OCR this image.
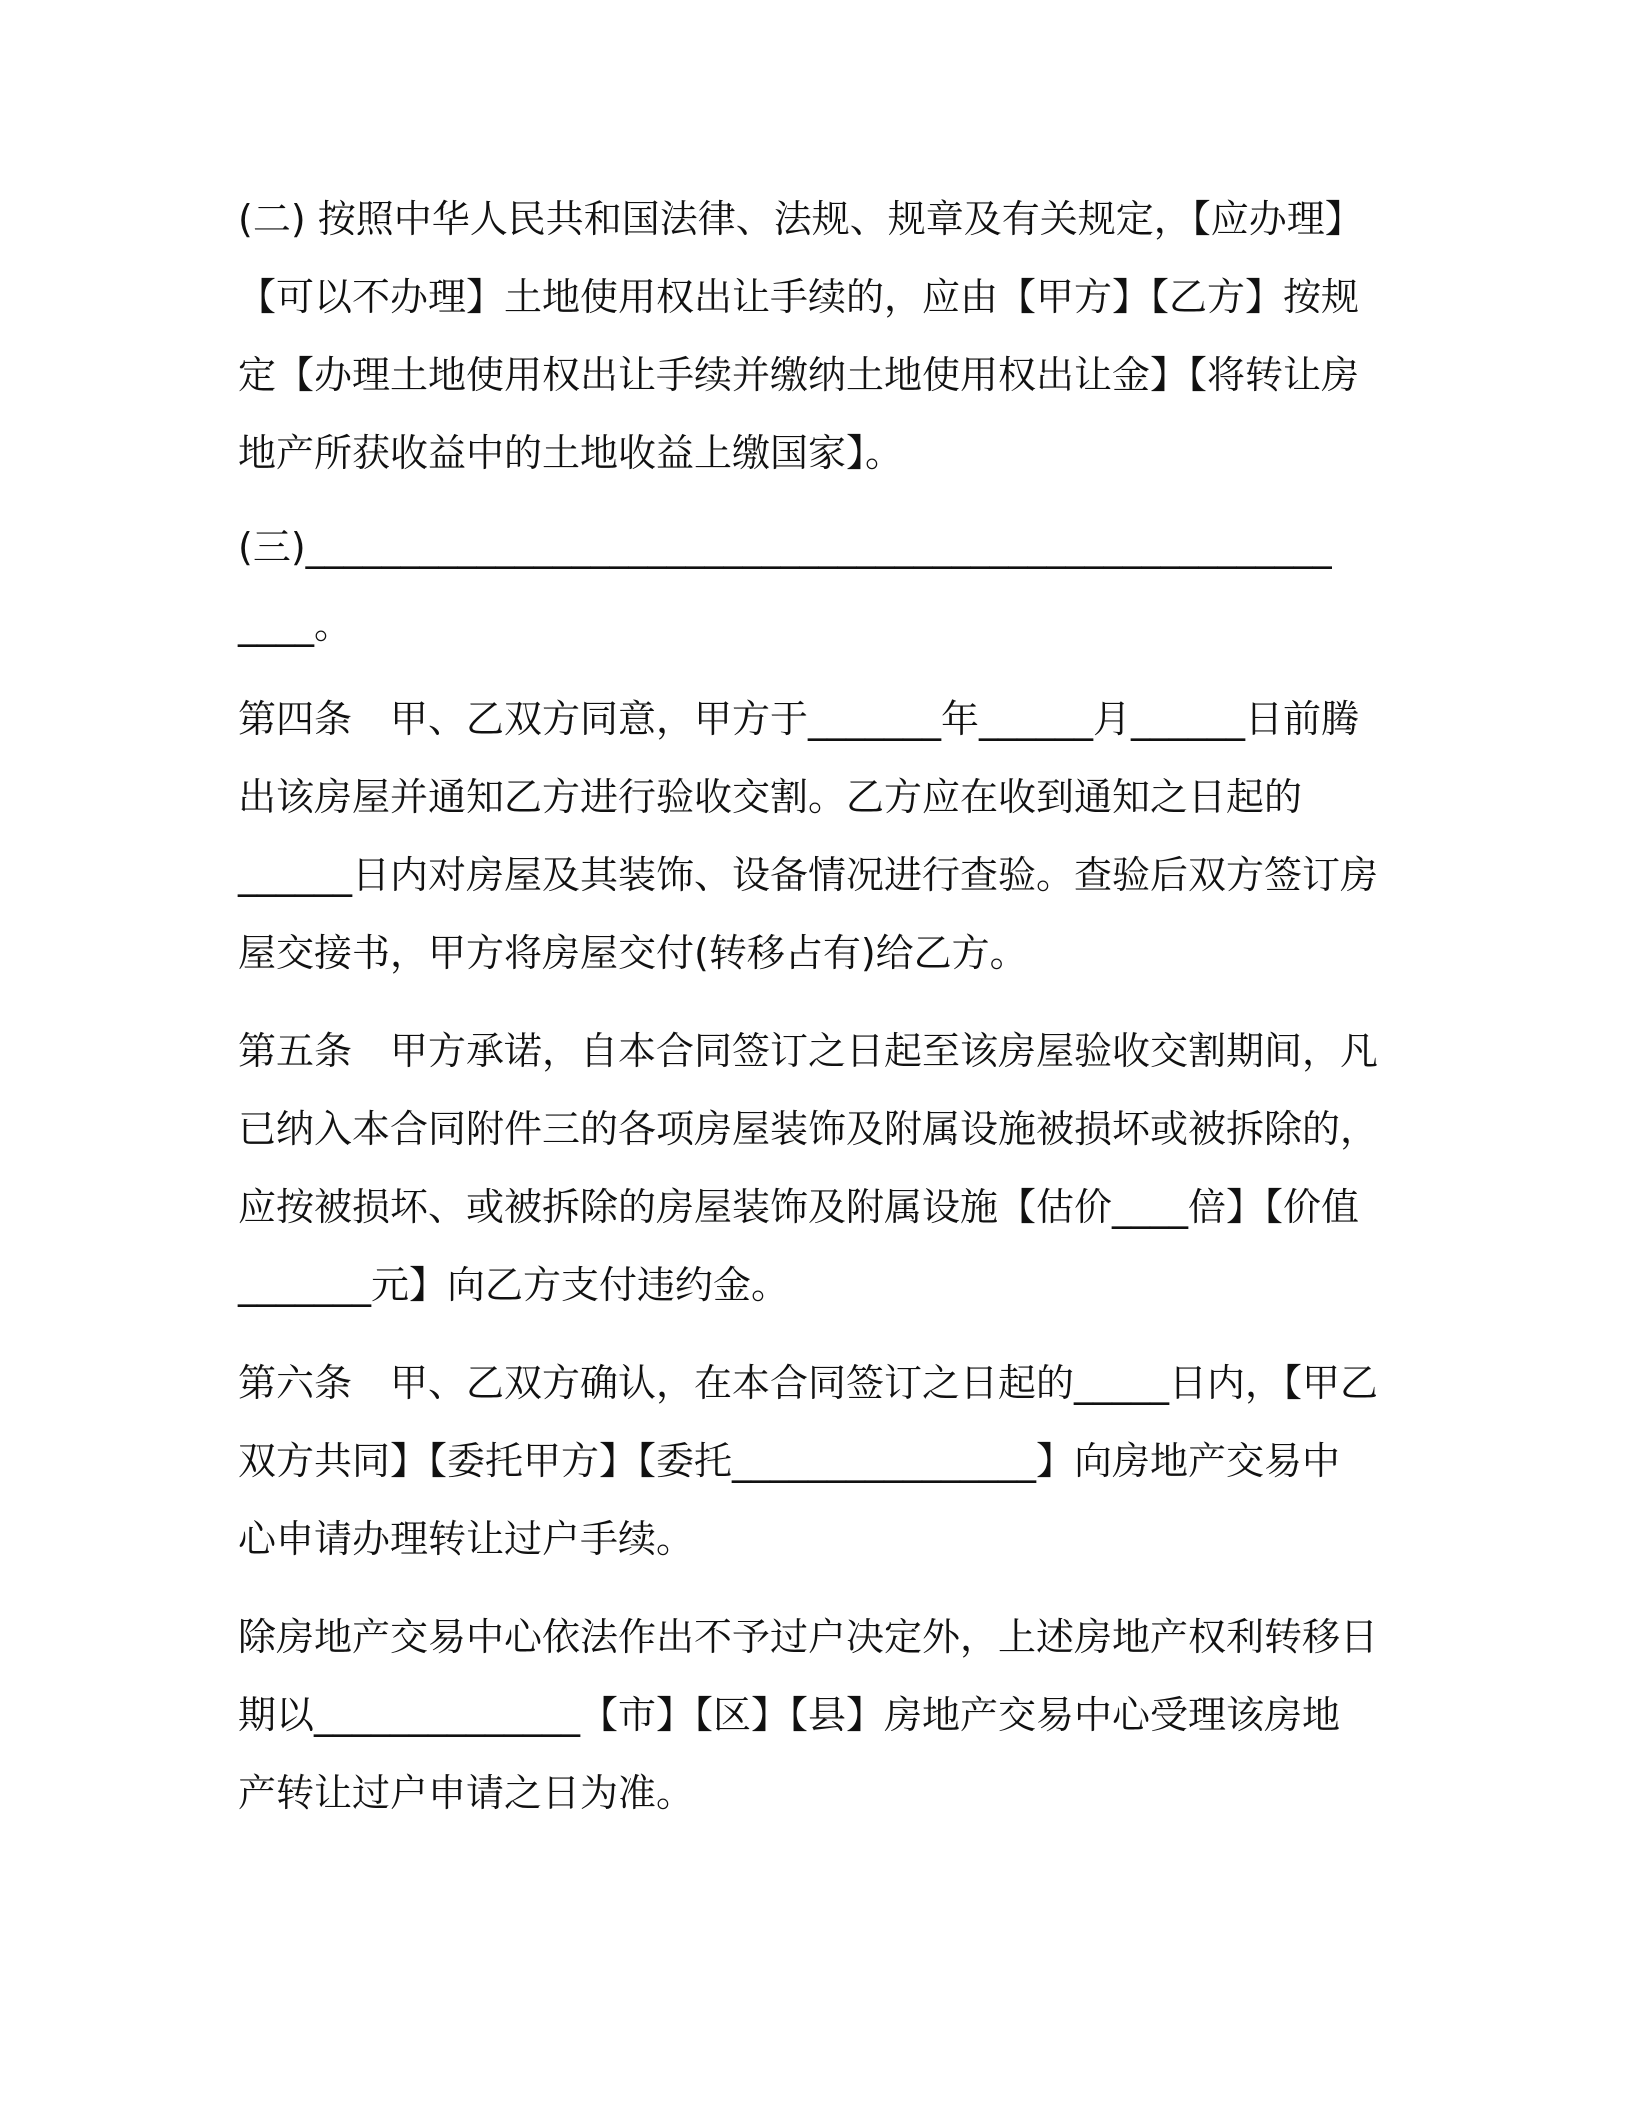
(二) 按照中华人民共和国法律、法规、规章及有关规定，【应办理】
【可以不办理】土地使用权出让手续的，应由【甲方】【乙方】按规
定【办理土地使用权出让手续并缴纳土地使用权出让金】【将转让房
地产所获收益中的土地收益上缴国家】。
(三)______________________________________________________
____。
第四条　甲、乙双方同意，甲方于_______年______月______日前腾
出该房屋并通知乙方进行验收交割。乙方应在收到通知之日起的
______日内对房屋及其装饰、设备情况进行查验。查验后双方签订房
屋交接书，甲方将房屋交付(转移占有)给乙方。
第五条　甲方承诺，自本合同签订之日起至该房屋验收交割期间，凡
已纳入本合同附件三的各项房屋装饰及附属设施被损坏或被拆除的，
应按被损坏、或被拆除的房屋装饰及附属设施【估价____倍】【价值
_______元】向乙方支付违约金。
第六条　甲、乙双方确认，在本合同签订之日起的_____日内，【甲乙
双方共同】【委托甲方】【委托________________】向房地产交易中
心申请办理转让过户手续。
除房地产交易中心依法作出不予过户决定外，上述房地产权利转移日
期以______________【市】【区】【县】房地产交易中心受理该房地
产转让过户申请之日为准。
